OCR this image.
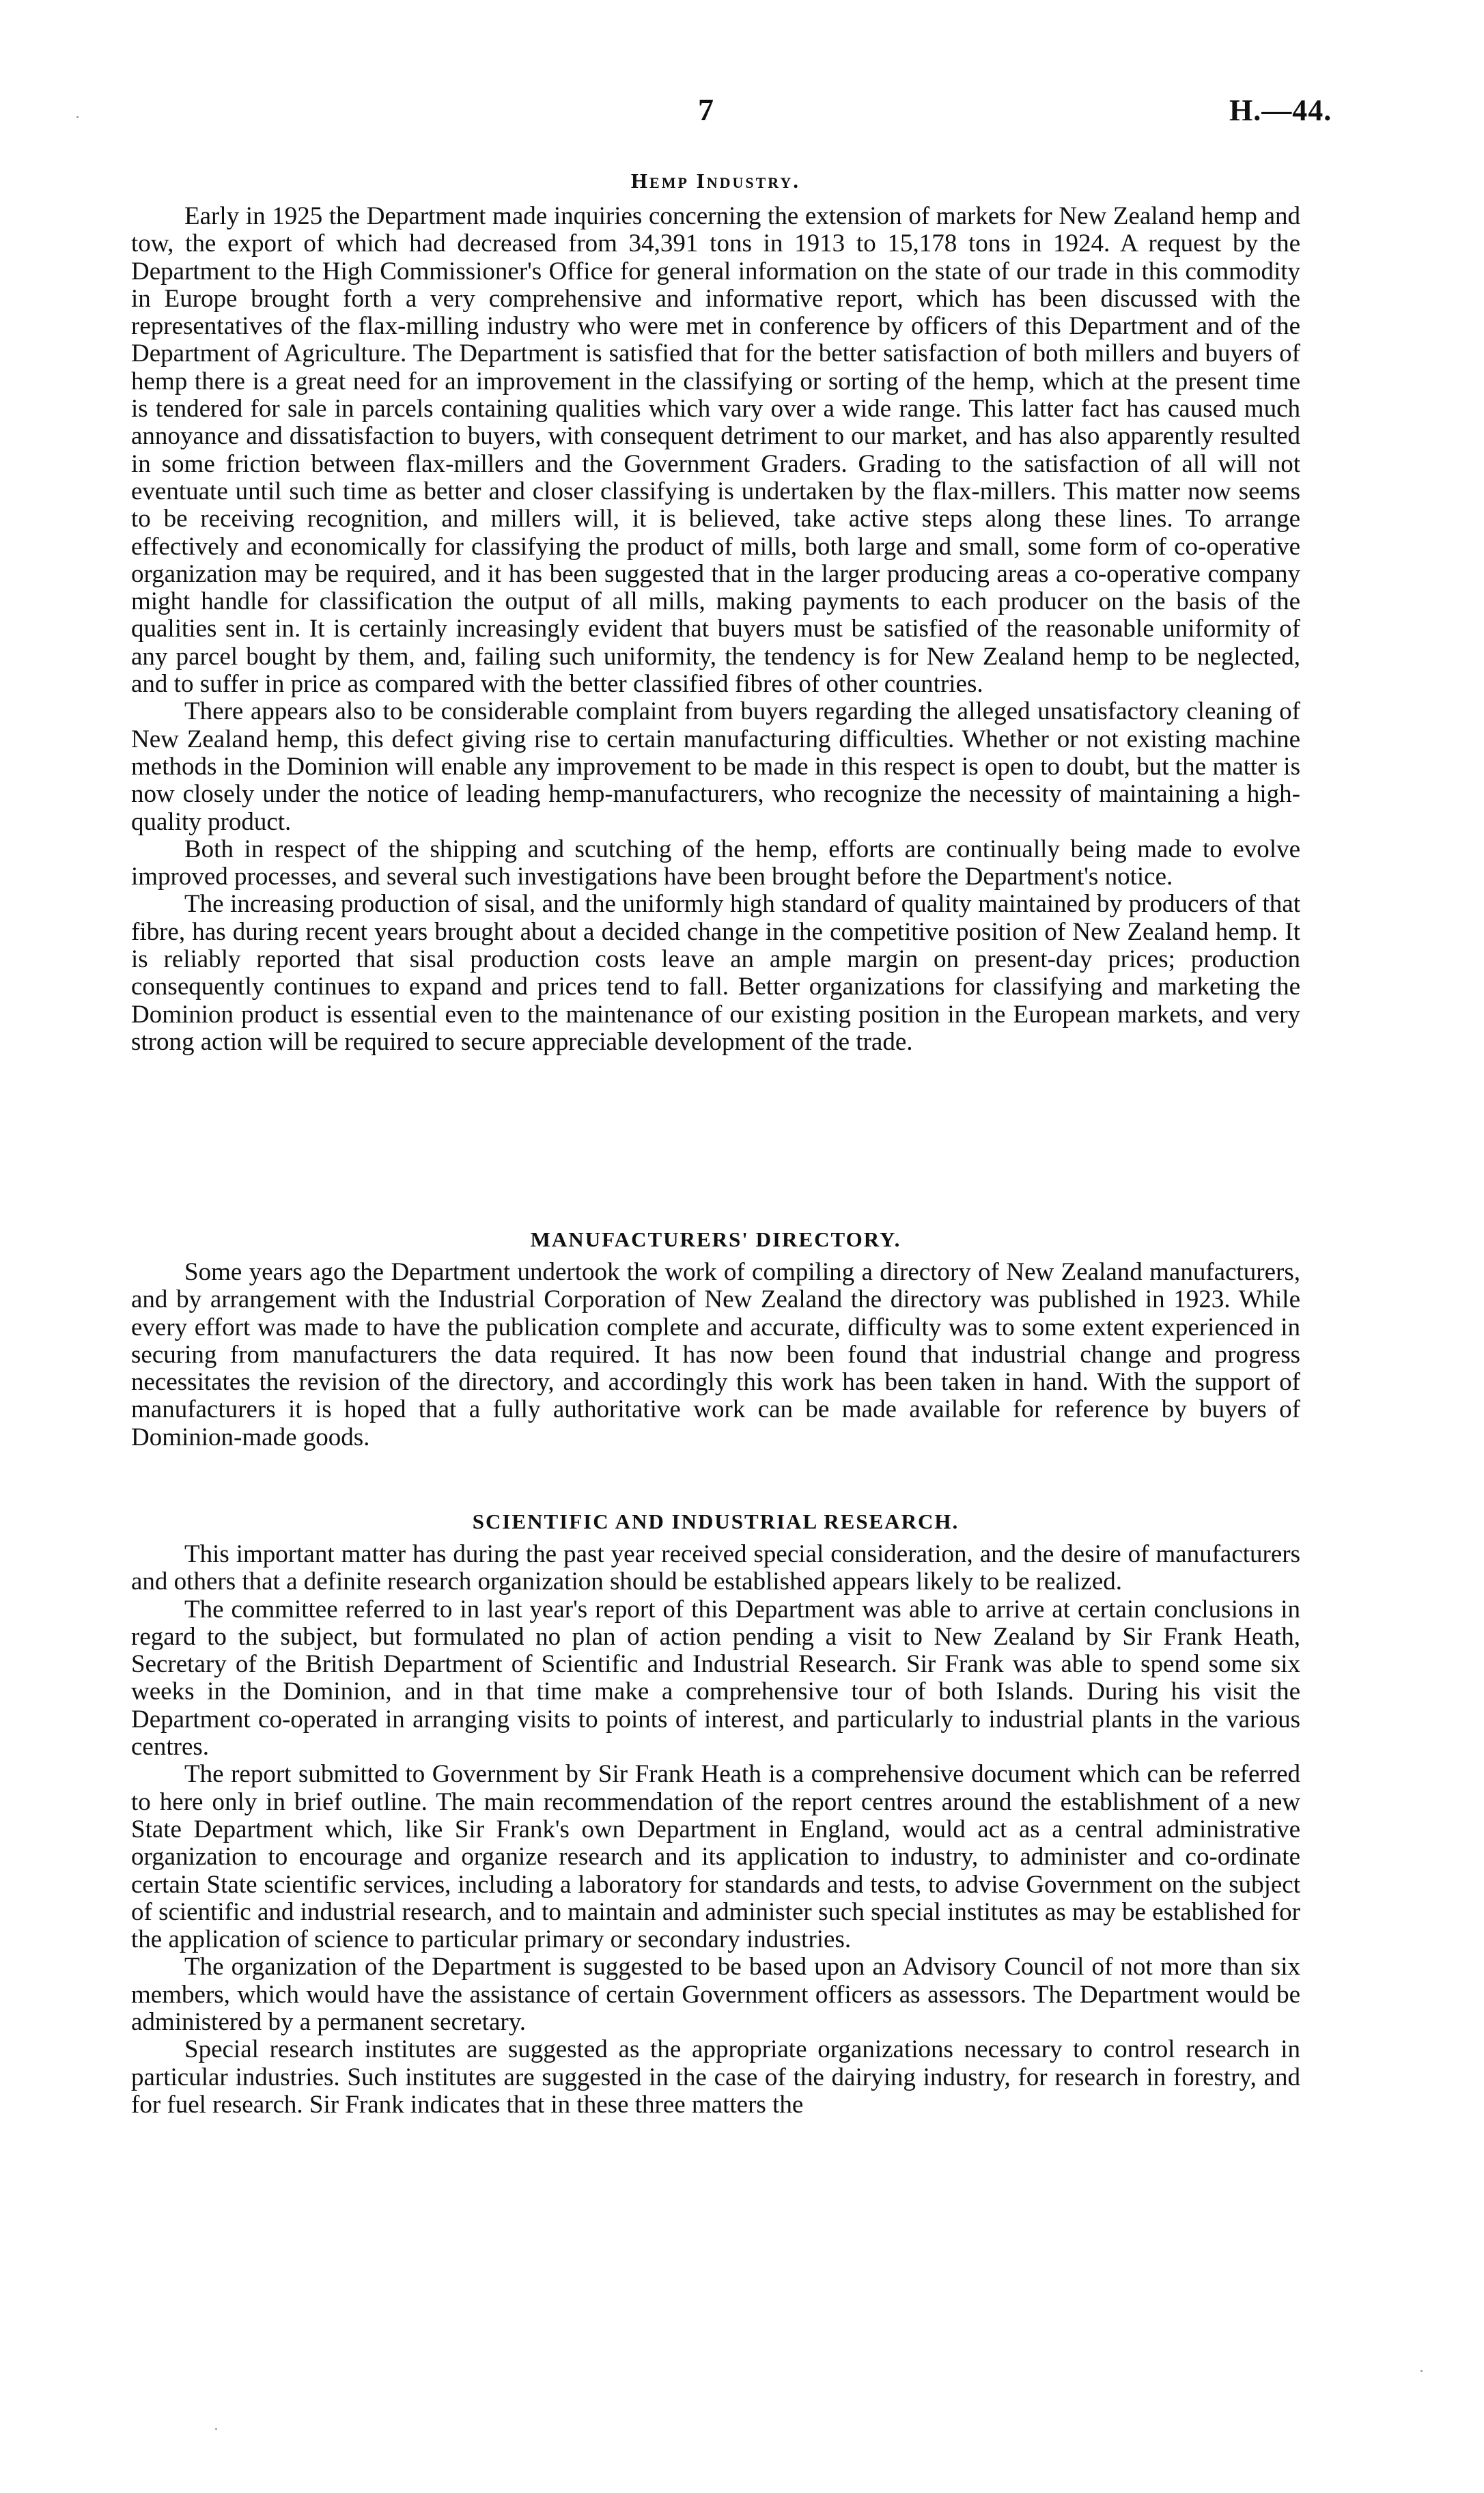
7	H.—44.
Hemp Industry.

Early in 1925 the Department made inquiries concerning the extension of markets for New Zealand hemp and tow, the export of which had decreased from 34,391 tons in 1913 to 15,178 tons in 1924. A request by the Department to the High Commissioner's Office for general information on the state of our trade in this commodity in Europe brought forth a very comprehensive and informative report, which has been discussed with the representatives of the flax-milling industry who were met in conference by officers of this Department and of the Department of Agriculture. The Department is satisfied that for the better satisfaction of both millers and buyers of hemp there is a great need for an improvement in the classifying or sorting of the hemp, which at the present time is tendered for sale in parcels containing qualities which vary over a wide range. This latter fact has caused much annoyance and dissatisfaction to buyers, with consequent detriment to our market, and has also apparently resulted in some friction between flax-millers and the Government Graders. Grading to the satisfaction of all will not eventuate until such time as better and closer classifying is undertaken by the flax-millers. This matter now seems to be receiving recognition, and millers will, it is believed, take active steps along these lines. To arrange effectively and economically for classifying the product of mills, both large and small, some form of co-operative organization may be required, and it has been suggested that in the larger producing areas a co-operative company might handle for classification the output of all mills, making payments to each producer on the basis of the qualities sent in. It is certainly increasingly evident that buyers must be satisfied of the reasonable uniformity of any parcel bought by them, and, failing such uniformity, the tendency is for New Zealand hemp to be neglected, and to suffer in price as compared with the better classified fibres of other countries.

There appears also to be considerable complaint from buyers regarding the alleged unsatisfactory cleaning of New Zealand hemp, this defect giving rise to certain manufacturing difficulties. Whether or not existing machine methods in the Dominion will enable any improvement to be made in this respect is open to doubt, but the matter is now closely under the notice of leading hemp-manufacturers, who recognize the necessity of maintaining a high-quality product.

Both in respect of the shipping and scutching of the hemp, efforts are continually being made to evolve improved processes, and several such investigations have been brought before the Department's notice.

The increasing production of sisal, and the uniformly high standard of quality maintained by producers of that fibre, has during recent years brought about a decided change in the competitive position of New Zealand hemp. It is reliably reported that sisal production costs leave an ample margin on present-day prices; production consequently continues to expand and prices tend to fall. Better organizations for classifying and marketing the Dominion product is essential even to the maintenance of our existing position in the European markets, and very strong action will be required to secure appreciable development of the trade.

MANUFACTURERS' DIRECTORY.

Some years ago the Department undertook the work of compiling a directory of New Zealand manufacturers, and by arrangement with the Industrial Corporation of New Zealand the directory was published in 1923. While every effort was made to have the publication complete and accurate, difficulty was to some extent experienced in securing from manufacturers the data required. It has now been found that industrial change and progress necessitates the revision of the directory, and accordingly this work has been taken in hand. With the support of manufacturers it is hoped that a fully authoritative work can be made available for reference by buyers of Dominion-made goods.

SCIENTIFIC AND INDUSTRIAL RESEARCH.

This important matter has during the past year received special consideration, and the desire of manufacturers and others that a definite research organization should be established appears likely to be realized.

The committee referred to in last year's report of this Department was able to arrive at certain conclusions in regard to the subject, but formulated no plan of action pending a visit to New Zealand by Sir Frank Heath, Secretary of the British Department of Scientific and Industrial Research. Sir Frank was able to spend some six weeks in the Dominion, and in that time make a comprehensive tour of both Islands. During his visit the Department co-operated in arranging visits to points of interest, and particularly to industrial plants in the various centres.

The report submitted to Government by Sir Frank Heath is a comprehensive document which can be referred to here only in brief outline. The main recommendation of the report centres around the establishment of a new State Department which, like Sir Frank's own Department in England, would act as a central administrative organization to encourage and organize research and its application to industry, to administer and co-ordinate certain State scientific services, including a laboratory for standards and tests, to advise Government on the subject of scientific and industrial research, and to maintain and administer such special institutes as may be established for the application of science to particular primary or secondary industries.

The organization of the Department is suggested to be based upon an Advisory Council of not more than six members, which would have the assistance of certain Government officers as assessors. The Department would be administered by a permanent secretary.

Special research institutes are suggested as the appropriate organizations necessary to control research in particular industries. Such institutes are suggested in the case of the dairying industry, for research in forestry, and for fuel research. Sir Frank indicates that in these three matters the
